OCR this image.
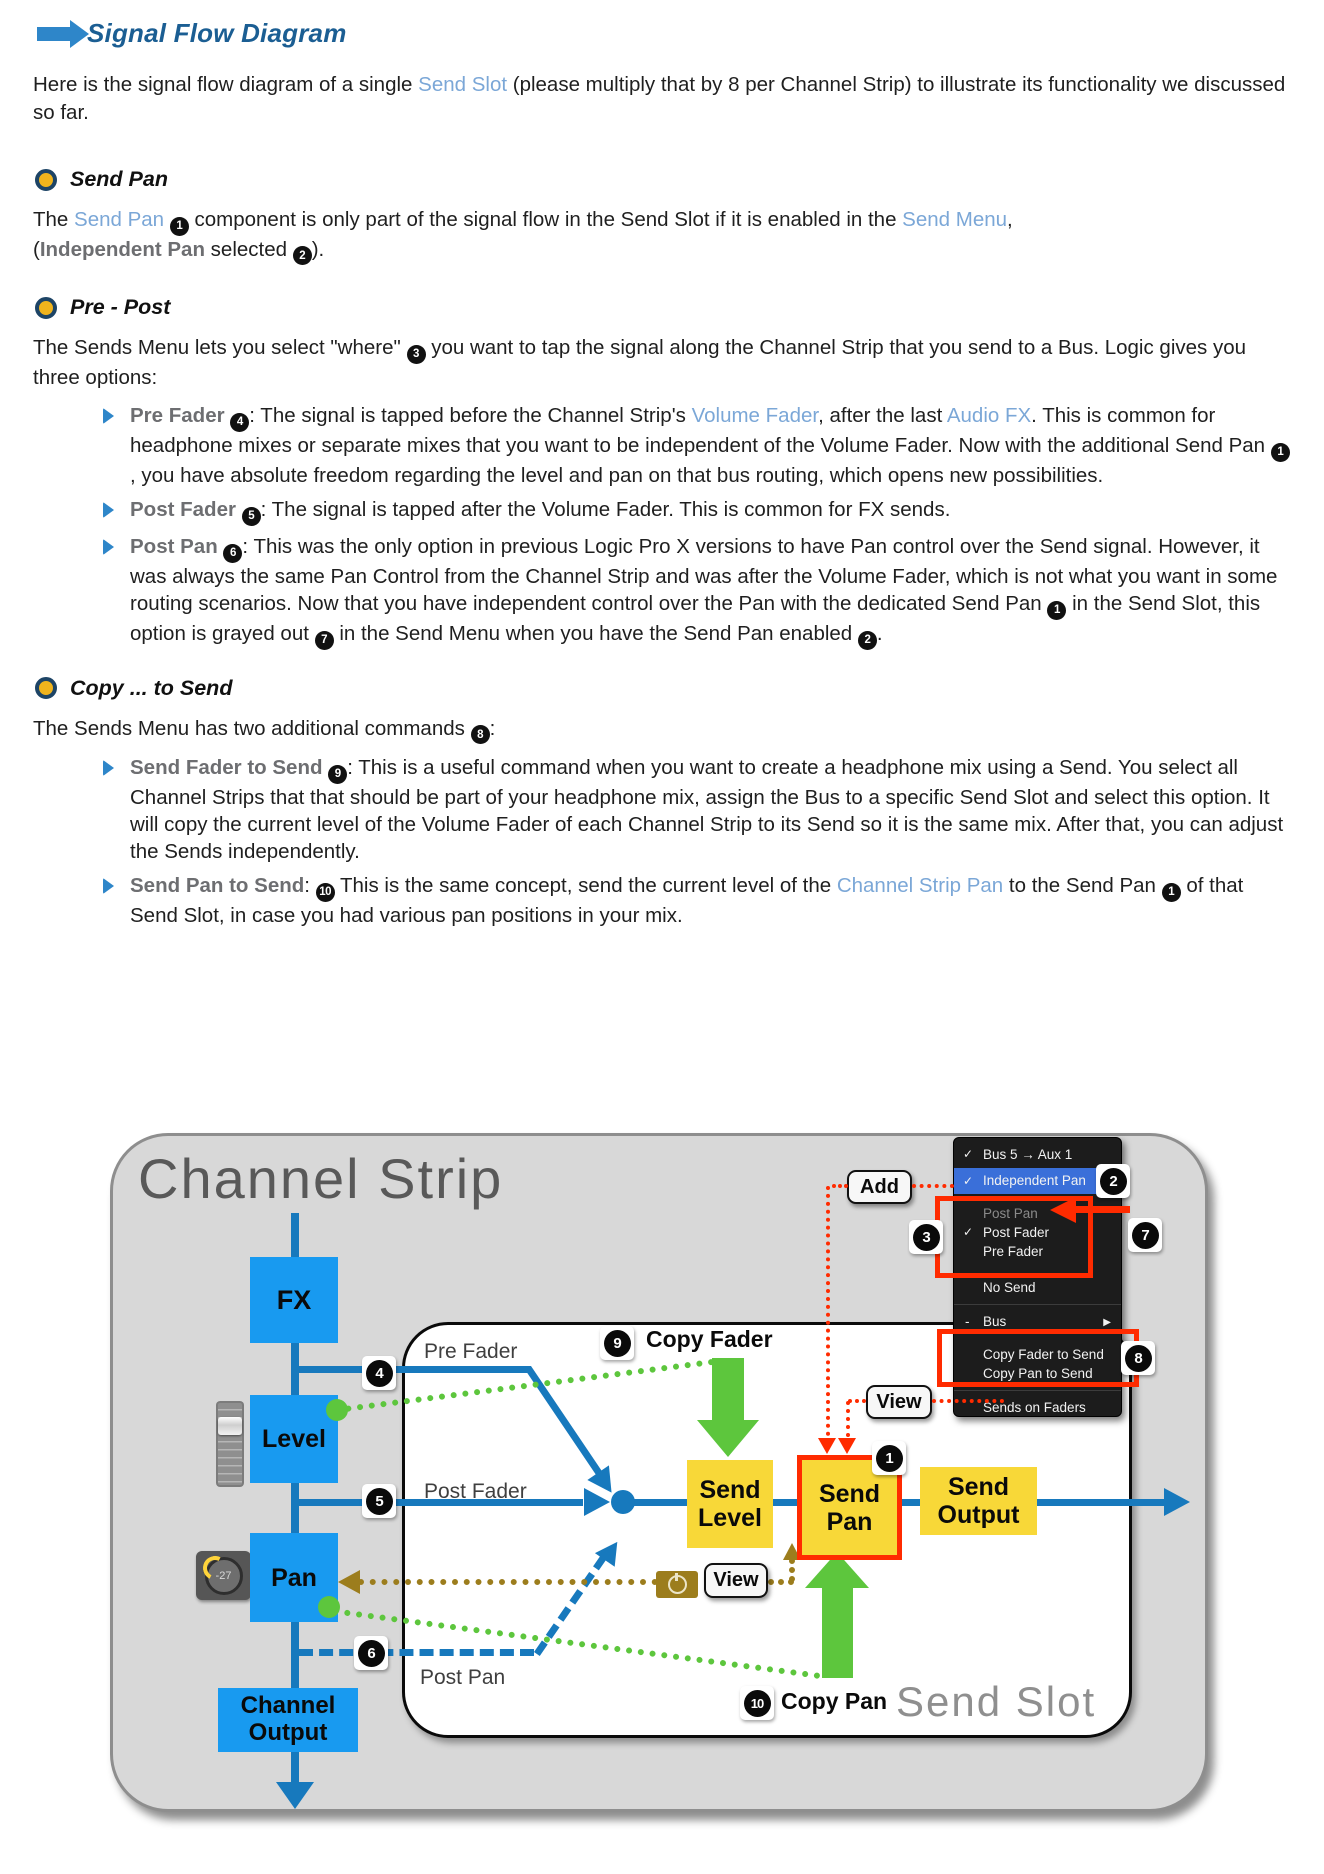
Signal Flow Diagram

Here is the signal flow diagram of a single Send Slot (please multiply that by 8 per Channel Strip) to illustrate its functionality we discussed so far.

Send Pan

The Send Pan 1 component is only part of the signal flow in the Send Slot if it is enabled in the Send Menu,
(Independent Pan selected 2 ).

Pre - Post

The Sends Menu lets you select "where" 3 you want to tap the signal along the Channel Strip that you send to a Bus. Logic gives you three options:

Pre Fader 4 : The signal is tapped before the Channel Strip's Volume Fader, after the last Audio FX. This is common for headphone mixes or separate mixes that you want to be independent of the Volume Fader. Now with the additional Send Pan 1, you have absolute freedom regarding the level and pan on that bus routing, which opens new possibilities.
Post Fader 5 : The signal is tapped after the Volume Fader. This is common for FX sends.
Post Pan 6 : This was the only option in previous Logic Pro X versions to have Pan control over the Send signal. However, it was always the same Pan Control from the Channel Strip and was after the Volume Fader, which is not what you want in some routing scenarios. Now that you have independent control over the Pan with the dedicated Send Pan 1 in the Send Slot, this option is grayed out 7 in the Send Menu when you have the Send Pan enabled 2 .
Copy ... to Send

The Sends Menu has two additional commands 8 :

Send Fader to Send 9 : This is a useful command when you want to create a headphone mix using a Send. You select all Channel Strips that that should be part of your headphone mix, assign the Bus to a specific Send Slot and select this option. It will copy the current level of the Volume Fader of each Channel Strip to its Send so it is the same mix. After that, you can adjust the Sends independently.
Send Pan to Send: 10 This is the same concept, send the current level of the Channel Strip Pan to the Send Pan 1 of that Send Slot, in case you had various pan positions in your mix.
Channel Strip
Send Slot
Pre Fader
4
Post Fader
5
Post Pan
6
FX
Level
-27	Pan
Channel Output
9	Copy Fader
10 Copy Pan
View
Send Level
Send Pan
Send Output
1
Add
View
✓ Bus 5 → Aux 1
✓ Independent Pan
Post Pan
✓ Post Fader
Pre Fader
No Send
- Bus	▶
Copy Fader to Send
Copy Pan to Send
Sends on Faders
2
3	7
8
